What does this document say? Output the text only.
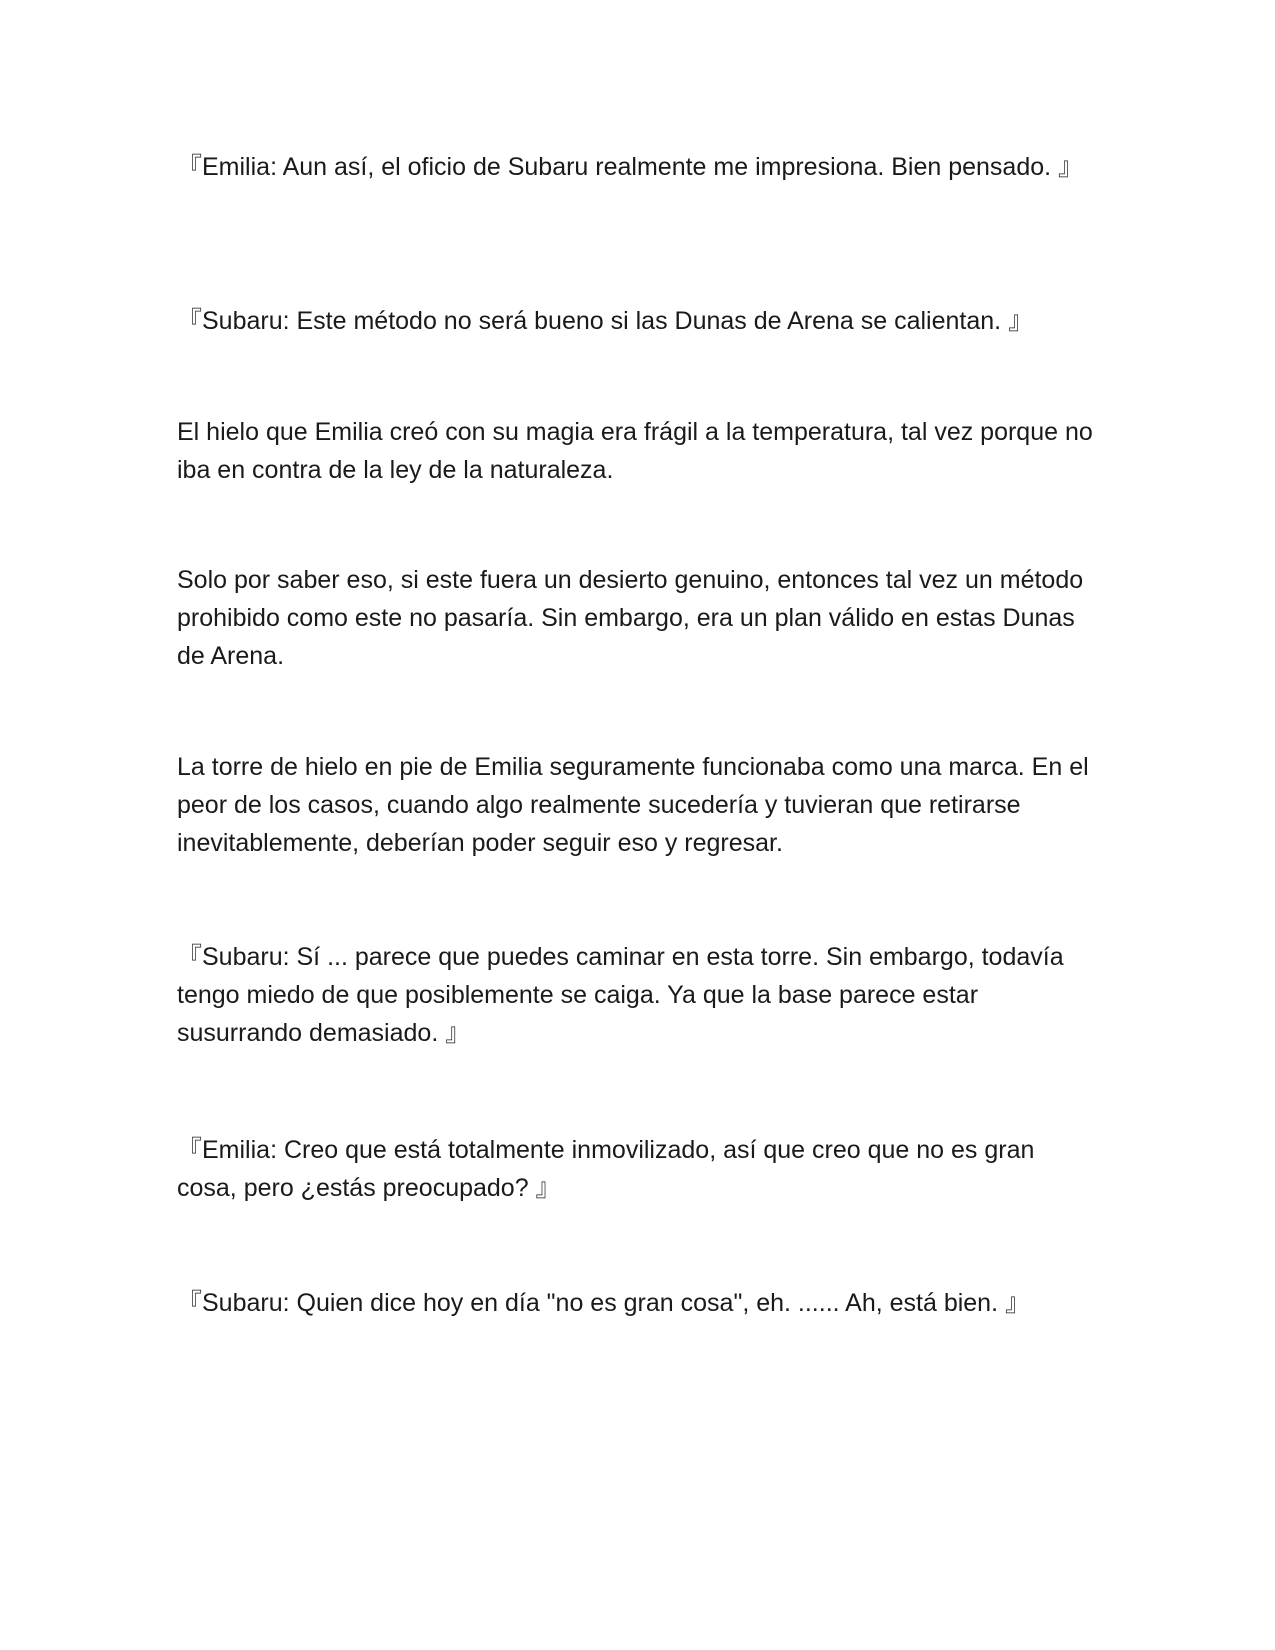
『Emilia: Aun así, el oficio de Subaru realmente me impresiona. Bien pensado. 』

『Subaru: Este método no será bueno si las Dunas de Arena se calientan. 』

El hielo que Emilia creó con su magia era frágil a la temperatura, tal vez porque no iba en contra de la ley de la naturaleza.

Solo por saber eso, si este fuera un desierto genuino, entonces tal vez un método prohibido como este no pasaría. Sin embargo, era un plan válido en estas Dunas de Arena.

La torre de hielo en pie de Emilia seguramente funcionaba como una marca. En el peor de los casos, cuando algo realmente sucedería y tuvieran que retirarse inevitablemente, deberían poder seguir eso y regresar.

『Subaru: Sí ... parece que puedes caminar en esta torre. Sin embargo, todavía tengo miedo de que posiblemente se caiga. Ya que la base parece estar susurrando demasiado. 』

『Emilia: Creo que está totalmente inmovilizado, así que creo que no es gran cosa, pero ¿estás preocupado? 』

『Subaru: Quien dice hoy en día "no es gran cosa", eh. ...... Ah, está bien. 』
